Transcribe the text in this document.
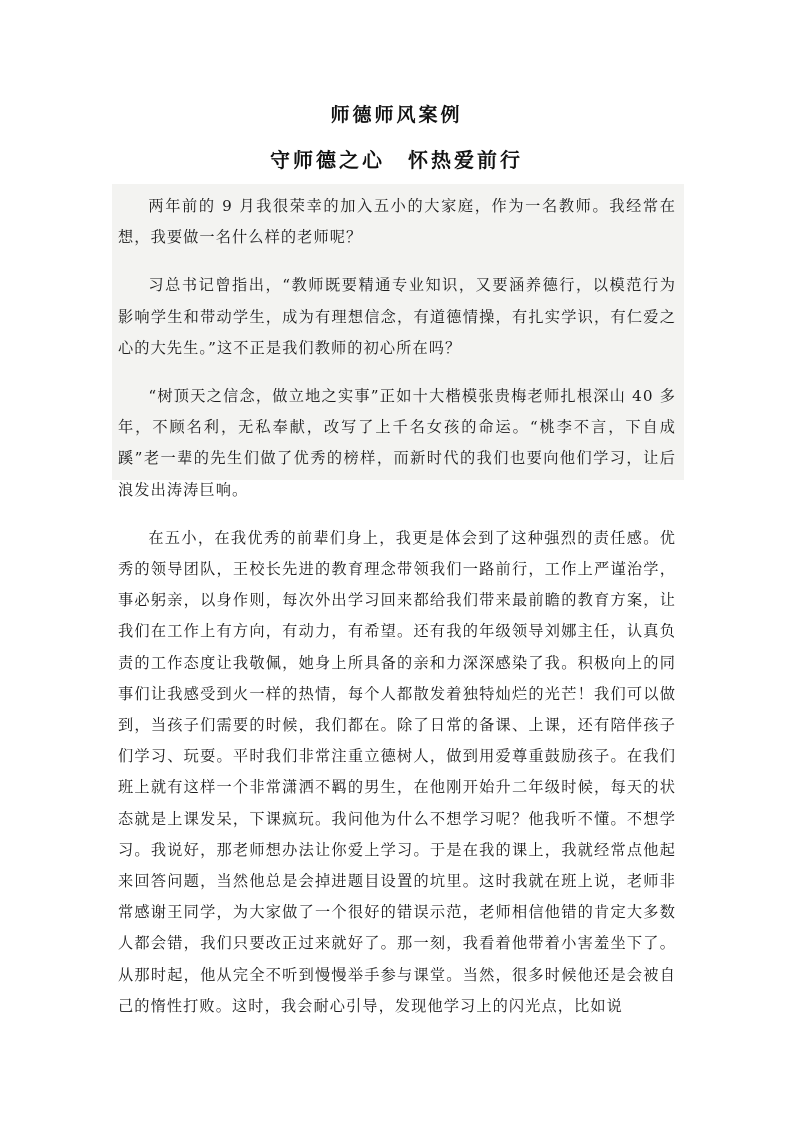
师德师风案例
守师德之心　怀热爱前行

两年前的 9 月我很荣幸的加入五小的大家庭，作为一名教师。我经常在想，我要做一名什么样的老师呢？

习总书记曾指出，“教师既要精通专业知识，又要涵养德行，以模范行为影响学生和带动学生，成为有理想信念，有道德情操，有扎实学识，有仁爱之心的大先生。”这不正是我们教师的初心所在吗？

“树顶天之信念，做立地之实事”正如十大楷模张贵梅老师扎根深山 40 多年，不顾名利，无私奉献，改写了上千名女孩的命运。“桃李不言，下自成蹊”老一辈的先生们做了优秀的榜样，而新时代的我们也要向他们学习，让后浪发出涛涛巨响。

在五小，在我优秀的前辈们身上，我更是体会到了这种强烈的责任感。优秀的领导团队，王校长先进的教育理念带领我们一路前行，工作上严谨治学，事必躬亲，以身作则，每次外出学习回来都给我们带来最前瞻的教育方案，让我们在工作上有方向，有动力，有希望。还有我的年级领导刘娜主任，认真负责的工作态度让我敬佩，她身上所具备的亲和力深深感染了我。积极向上的同事们让我感受到火一样的热情，每个人都散发着独特灿烂的光芒！我们可以做到，当孩子们需要的时候，我们都在。除了日常的备课、上课，还有陪伴孩子们学习、玩耍。平时我们非常注重立德树人，做到用爱尊重鼓励孩子。在我们班上就有这样一个非常潇洒不羁的男生，在他刚开始升二年级时候，每天的状态就是上课发呆，下课疯玩。我问他为什么不想学习呢？他我听不懂。不想学习。我说好，那老师想办法让你爱上学习。于是在我的课上，我就经常点他起来回答问题，当然他总是会掉进题目设置的坑里。这时我就在班上说，老师非常感谢王同学，为大家做了一个很好的错误示范，老师相信他错的肯定大多数人都会错，我们只要改正过来就好了。那一刻，我看着他带着小害羞坐下了。从那时起，他从完全不听到慢慢举手参与课堂。当然，很多时候他还是会被自己的惰性打败。这时，我会耐心引导，发现他学习上的闪光点，比如说
